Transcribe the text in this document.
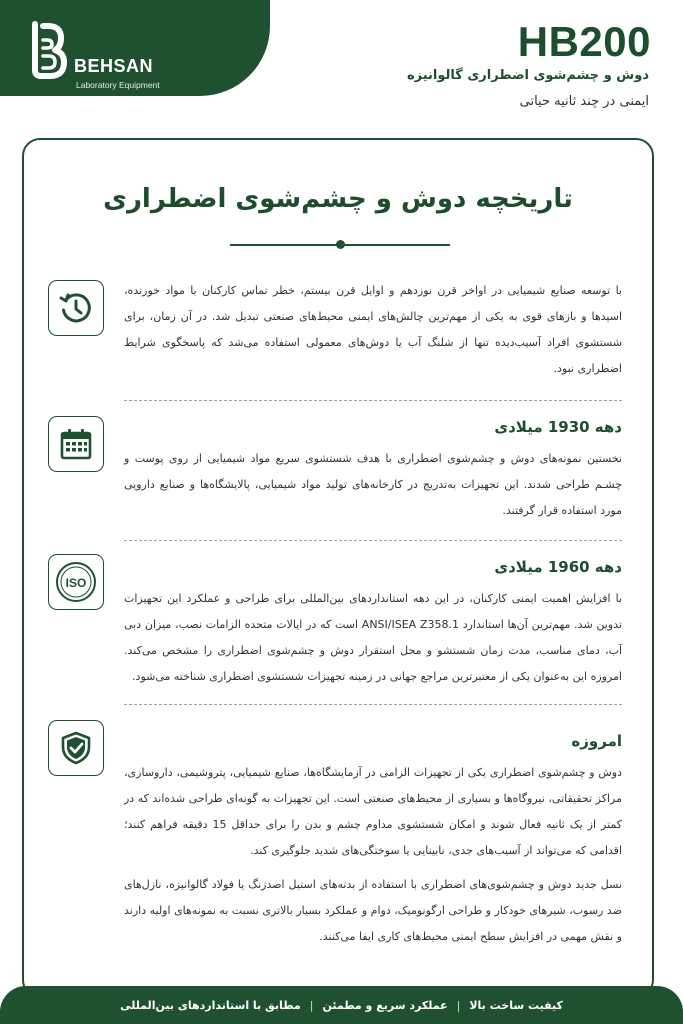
BEHSAN
Laboratory Equipment
HB200
دوش و چشم‌شوی اضطراری گالوانیزه
ایمنی در چند ثانیه حیاتی
تاریخچه دوش و چشم‌شوی اضطراری

با توسعه صنایع شیمیایی در اواخر قرن نوزدهم و اوایل قرن بیستم، خطر تماس کارکنان با مواد خورنده، اسیدها و بازهای قوی به یکی از مهم‌ترین چالش‌های ایمنی محیط‌های صنعتی تبدیل شد. در آن زمان، برای شستشوی افراد آسیب‌دیده تنها از شلنگ آب یا دوش‌های معمولی استفاده می‌شد که پاسخگوی شرایط اضطراری نبود.

دهه 1930 میلادی

نخستین نمونه‌های دوش و چشم‌شوی اضطراری با هدف شستشوی سریع مواد شیمیایی از روی پوست و چشـم طراحی شدند. این تجهیزات به‌تدریج در کارخانه‌های تولید مواد شیمیایی، پالایشگاه‌ها و صنایع دارویی مورد استفاده قرار گرفتند.

ISO
دهه 1960 میلادی

با افزایش اهمیت ایمنی کارکنان، در این دهه استانداردهای بین‌المللی برای طراحی و عملکرد این تجهیزات تدوین شد. مهم‌ترین آن‌ها استاندارد ANSI/ISEA Z358.1 است که در ایالات متحده الزامات نصب، میزان دبی آب، دمای مناسب، مدت زمان شستشو و محل استقرار دوش و چشم‌شوی اضطراری را مشخص می‌کند. امروزه این به‌عنوان یکی از معتبرترین مراجع جهانی در زمینه تجهیزات شستشوی اضطراری شناخته می‌شود.

امروزه

دوش و چشم‌شوی اضطراری یکی از تجهیزات الزامی در آزمایشگاه‌ها، صنایع شیمیایی، پتروشیمی، داروسازی، مراکز تحقیقاتی، نیروگاه‌ها و بسیاری از محیط‌های صنعتی است. این تجهیزات به گونه‌ای طراحی شده‌اند که در کمتر از یک ثانیه فعال شوند و امکان شستشوی مداوم چشم و بدن را برای حداقل 15 دقیقه فراهم کنند؛ اقدامی که می‌تواند از آسیب‌های جدی، نابینایی یا سوختگی‌های شدید جلوگیری کند.

نسل جدید دوش و چشم‌شوی‌های اضطراری با استفاده از بدنه‌های استیل اصدزنگ یا فولاد گالوانیزه، نازل‌های ضد رسوب، شیرهای خودکار و طراحی ارگونومیک، دوام و عملکرد بسیار بالاتری نسبت به نمونه‌های اولیه دارند و نقش مهمی در افزایش سطح ایمنی محیط‌های کاری ایفا می‌کنند.

کیفیت ساخت بالا
|
عملکرد سریع و مطمئن
|
مطابق با استانداردهای بین‌المللی
